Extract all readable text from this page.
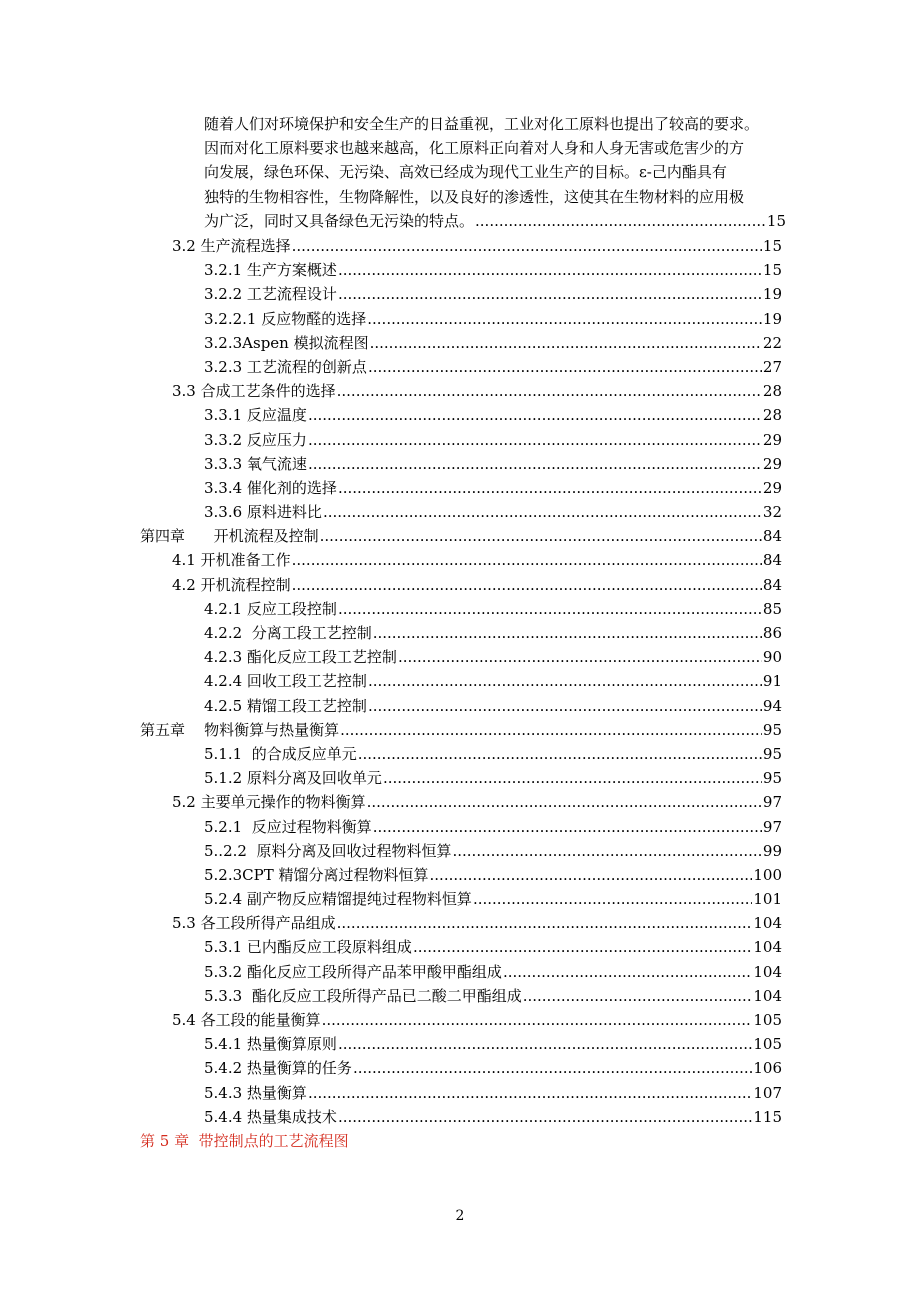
随着人们对环境保护和安全生产的日益重视，工业对化工原料也提出了较高的要求。
因而对化工原料要求也越来越高，化工原料正向着对人身和人身无害或危害少的方
向发展，绿色环保、无污染、高效已经成为现代工业生产的目标。ε-己内酯具有
独特的生物相容性，生物降解性，以及良好的渗透性，这使其在生物材料的应用极
为广泛，同时又具备绿色无污染的特点。 .....	15
3.2 生产流程选择 .....	15
3.2.1 生产方案概述 .....	15
3.2.2 工艺流程设计 .....	19
3.2.2.1 反应物醛的选择 .....	19
3.2.3Aspen 模拟流程图 .....	22
3.2.3 工艺流程的创新点 .....	27
3.3 合成工艺条件的选择 .....	28
3.3.1 反应温度 .....	28
3.3.2 反应压力 .....	29
3.3.3 氧气流速 .....	29
3.3.4 催化剂的选择 .....	29
3.3.6 原料进料比 .....	32
第四章      开机流程及控制 .....	84
4.1 开机准备工作 .....	84
4.2 开机流程控制 .....	84
4.2.1 反应工段控制 .....	85
4.2.2  分离工段工艺控制 .....	86
4.2.3 酯化反应工段工艺控制 .....	90
4.2.4 回收工段工艺控制 .....	91
4.2.5 精馏工段工艺控制 .....	94
第五章    物料衡算与热量衡算 .....	95
5.1.1  的合成反应单元 .....	95
5.1.2 原料分离及回收单元 .....	95
5.2 主要单元操作的物料衡算 .....	97
5.2.1  反应过程物料衡算 .....	97
5..2.2  原料分离及回收过程物料恒算 .....	99
5.2.3CPT 精馏分离过程物料恒算 .....	100
5.2.4 副产物反应精馏提纯过程物料恒算 .....	101
5.3 各工段所得产品组成 .....	104
5.3.1 已内酯反应工段原料组成 .....	104
5.3.2 酯化反应工段所得产品苯甲酸甲酯组成 .....	104
5.3.3  酯化反应工段所得产品已二酸二甲酯组成 .....	104
5.4 各工段的能量衡算 .....	105
5.4.1 热量衡算原则 .....	105
5.4.2 热量衡算的任务 .....	106
5.4.3 热量衡算 .....	107
5.4.4 热量集成技术 .....	115
第 5 章  带控制点的工艺流程图
2
